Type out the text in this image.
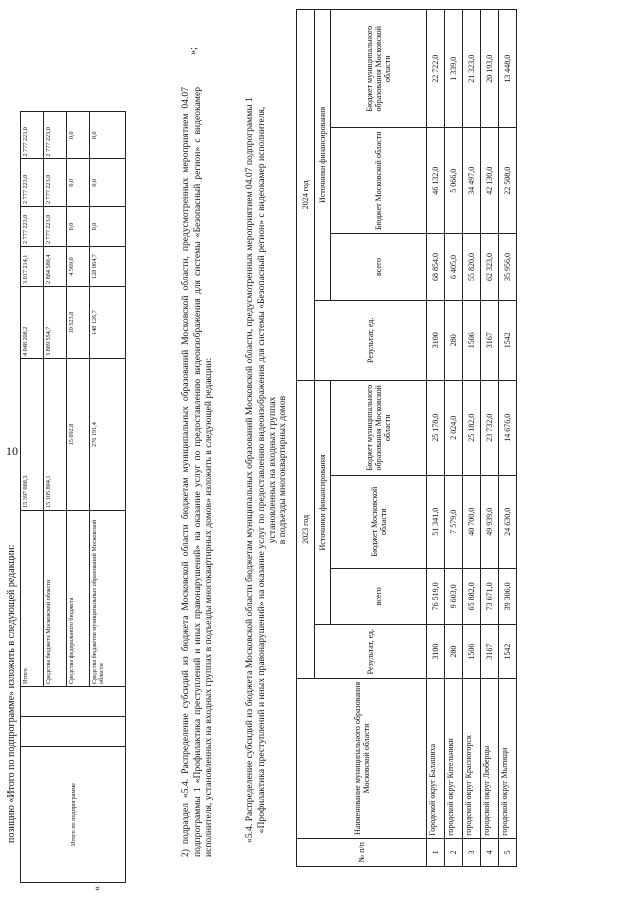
10
позицию «Итого по подпрограмме» изложить в следующей редакции:
«
Итого по подпрограмме			Итого	15 397 088,3	4 048 208,2	3 017 214,1	2 777 223,0	2 777 223,0	2 777 223,0
			Средства бюджета Московской области	15 105 804,1	3 889 554,7	2 884 580,4	2 777 223,0	2 777 223,0	2 777 223,0
			Средства федерального бюджета	15 092,8	10 523,8	4 569,0	0,0	0,0	0,0
			Средства бюджетов муниципальных образований Московской области	276 191,4	148 126,7	128 064,7	0,0	0,0	0,0
»;
2) подраздел «5.4. Распределение субсидий из бюджета Московской области бюджетам муниципальных образований Московской области, предусмотренных мероприятием 04.07 подпрограммы 1 «Профилактика преступлений и иных правонарушений» на оказание услуг по предоставлению видеоизображения для системы «Безопасный регион» с видеокамер исполнителя, установленных на входных группах в подъезды многоквартирных домов» изложить в следующей редакции:	«5.4. Распределение субсидий из бюджета Московской области бюджетам муниципальных образований Московской области, предусмотренных мероприятием 04.07 подпрограммы 1 «Профилактика преступлений и иных правонарушений» на оказание услуг по предоставлению видеоизображения для системы «Безопасный регион» с видеокамер исполнителя, установленных на входных группах в подъезды многоквартирных домов
№ п/п	Наименование муниципального образования Московской области	2023 год				2024 год			
		Результат, ед.	Источники финансирования			Результат, ед.	Источники финансирования		
			всего	Бюджет Московской области	Бюджет муниципального образования Московской области		всего	Бюджет Московской области	Бюджет муниципального образования Московской области
1	Городской округ Балашиха	3100	76 519,0	51 341,0	25 178,0	3100	68 854,0	46 132,0	22 722,0
2	городской округ Котельники	280	9 603,0	7 579,0	2 024,0	280	6 405,0	5 066,0	1 339,0
3	городской округ Красногорск	1506	65 882,0	40 700,0	25 182,0	1506	55 820,0	34 497,0	21 323,0
4	городской округ Люберцы	3167	73 671,0	49 939,0	23 732,0	3167	62 323,0	42 130,0	20 193,0
5	городской округ Мытищи	1542	39 306,0	24 630,0	14 676,0	1542	35 956,0	22 508,0	13 448,0
